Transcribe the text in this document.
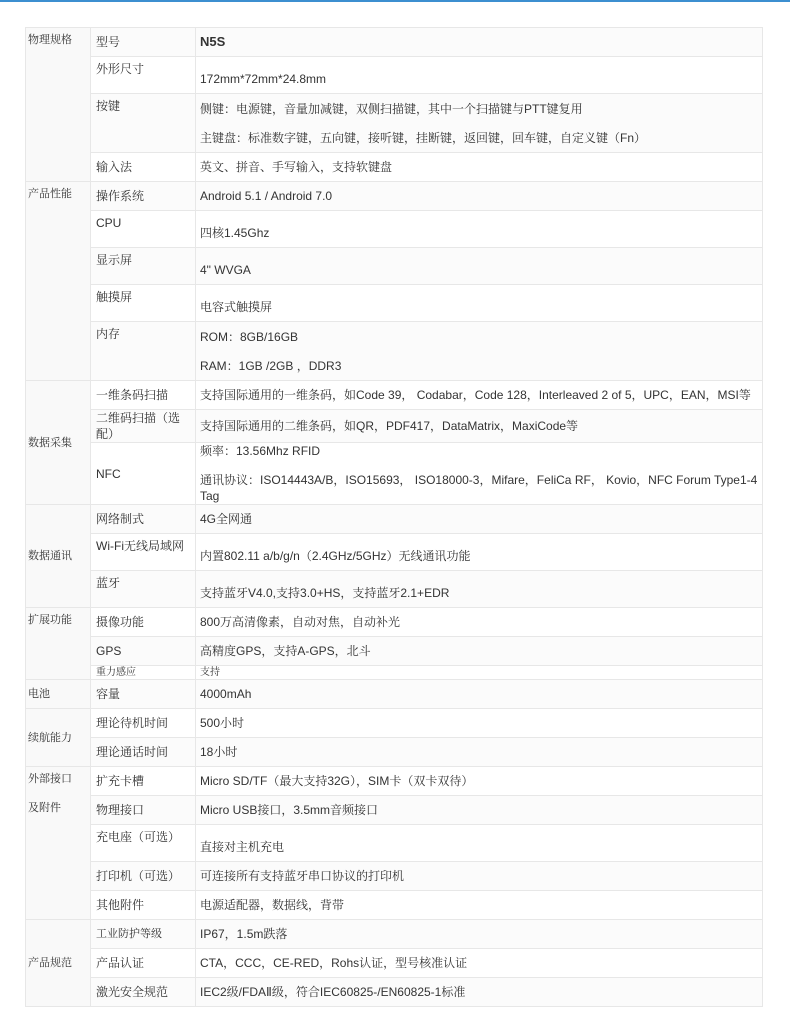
物理规格	型号	N5S
	外形尺寸	172mm*72mm*24.8mm
	按键	侧键：电源键，音量加减键，双侧扫描键，其中一个扫描键与PTT键复用
主键盘：标准数字键，五向键，接听键，挂断键，返回键，回车键，自定义键（Fn）

	输入法	英文、拼音、手写输入，支持软键盘
产品性能	操作系统	Android 5.1 / Android 7.0
	CPU	四核1.45Ghz
	显示屏	4" WVGA
	触摸屏	电容式触摸屏
	内存	ROM：8GB/16GB
RAM：1GB /2GB ，DDR3

数据采集	一维条码扫描	支持国际通用的一维条码，如Code 39， Codabar，Code 128，Interleaved 2 of 5，UPC，EAN，MSI等
	二维码扫描（选配）	支持国际通用的二维条码，如QR，PDF417，DataMatrix，MaxiCode等
	NFC	频率：13.56Mhz RFID
通讯协议：ISO14443A/B，ISO15693， ISO18000-3，Mifare，FeliCa RF， Kovio，NFC Forum Type1-4 Tag

数据通讯	网络制式	4G全网通
	Wi-Fi无线局域网	内置802.11 a/b/g/n（2.4GHz/5GHz）无线通讯功能
	蓝牙	支持蓝牙V4.0,支持3.0+HS，支持蓝牙2.1+EDR
扩展功能	摄像功能	800万高清像素，自动对焦，自动补光
	GPS	高精度GPS，支持A-GPS，北斗
	重力感应	支持
电池	容量	4000mAh
续航能力	理论待机时间	500小时
	理论通话时间	18小时

外部接口
及附件	扩充卡槽	Micro SD/TF（最大支持32G），SIM卡（双卡双待）
	物理接口	Micro USB接口，3.5mm音频接口
	充电座（可选）	直接对主机充电
	打印机（可选）	可连接所有支持蓝牙串口协议的打印机
	其他附件	电源适配器，数据线，背带
产品规范	工业防护等级	IP67，1.5m跌落
	产品认证	CTA，CCC，CE-RED，Rohs认证，型号核准认证
	激光安全规范	IEC2级/FDAⅡ级，符合IEC60825-/EN60825-1标准
